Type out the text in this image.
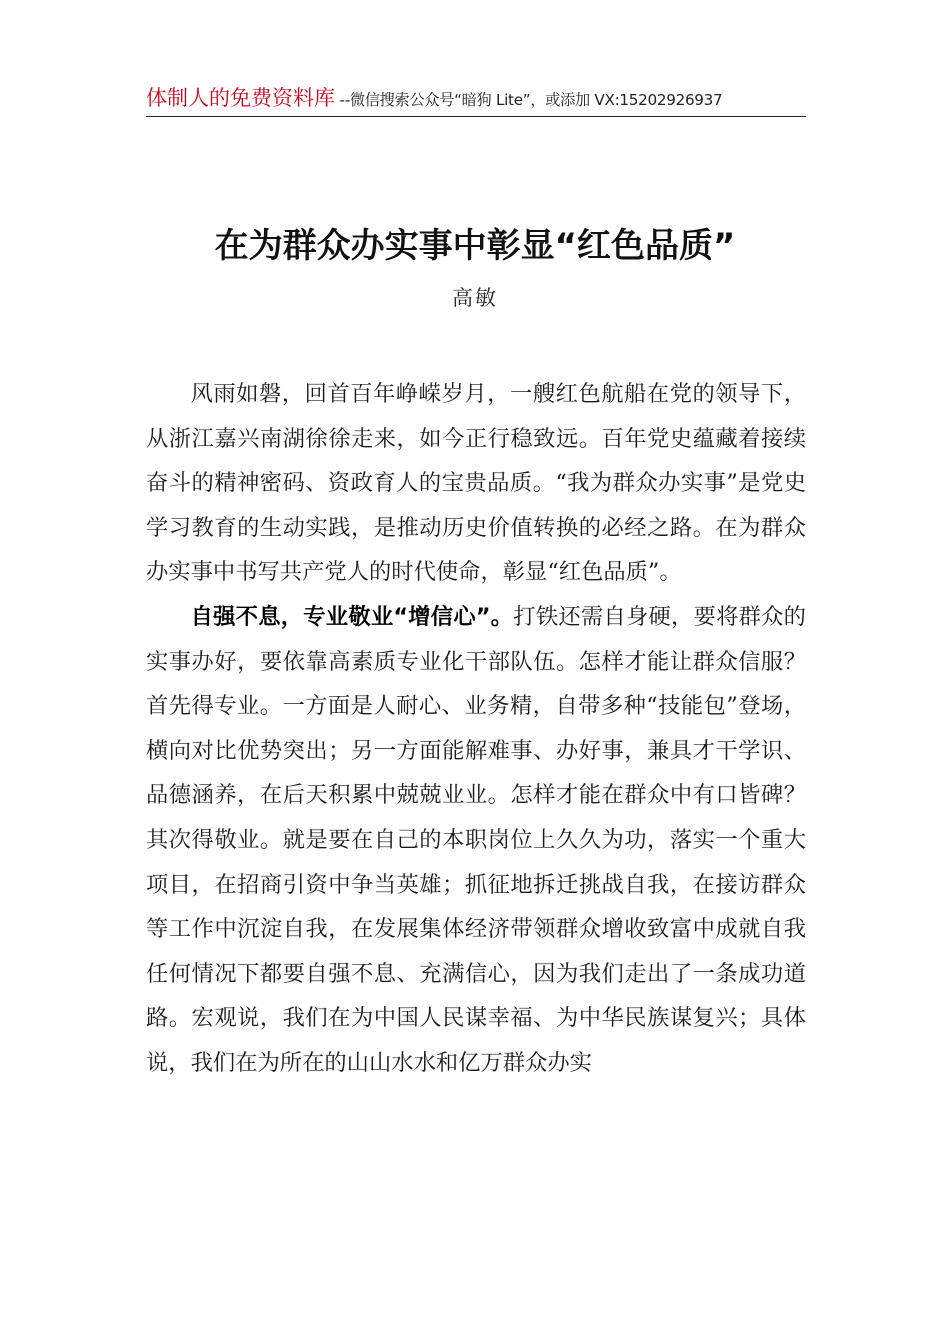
体制人的免费资料库 --微信搜索公众号“暗狗 Lite”，或添加 VX:15202926937
在为群众办实事中彰显“红色品质”
高敏

风雨如磐，回首百年峥嵘岁月，一艘红色航船在党的领导下，从浙江嘉兴南湖徐徐走来，如今正行稳致远。百年党史蕴藏着接续奋斗的精神密码、资政育人的宝贵品质。“我为群众办实事”是党史学习教育的生动实践，是推动历史价值转换的必经之路。在为群众办实事中书写共产党人的时代使命，彰显“红色品质”。

自强不息，专业敬业“增信心”。打铁还需自身硬，要将群众的实事办好，要依靠高素质专业化干部队伍。怎样才能让群众信服？首先得专业。一方面是人耐心、业务精，自带多种“技能包”登场，横向对比优势突出；另一方面能解难事、办好事，兼具才干学识、品德涵养，在后天积累中兢兢业业。怎样才能在群众中有口皆碑？其次得敬业。就是要在自己的本职岗位上久久为功，落实一个重大项目，在招商引资中争当英雄；抓征地拆迁挑战自我，在接访群众等工作中沉淀自我，在发展集体经济带领群众增收致富中成就自我任何情况下都要自强不息、充满信心，因为我们走出了一条成功道路。宏观说，我们在为中国人民谋幸福、为中华民族谋复兴；具体说，我们在为所在的山山水水和亿万群众办实
